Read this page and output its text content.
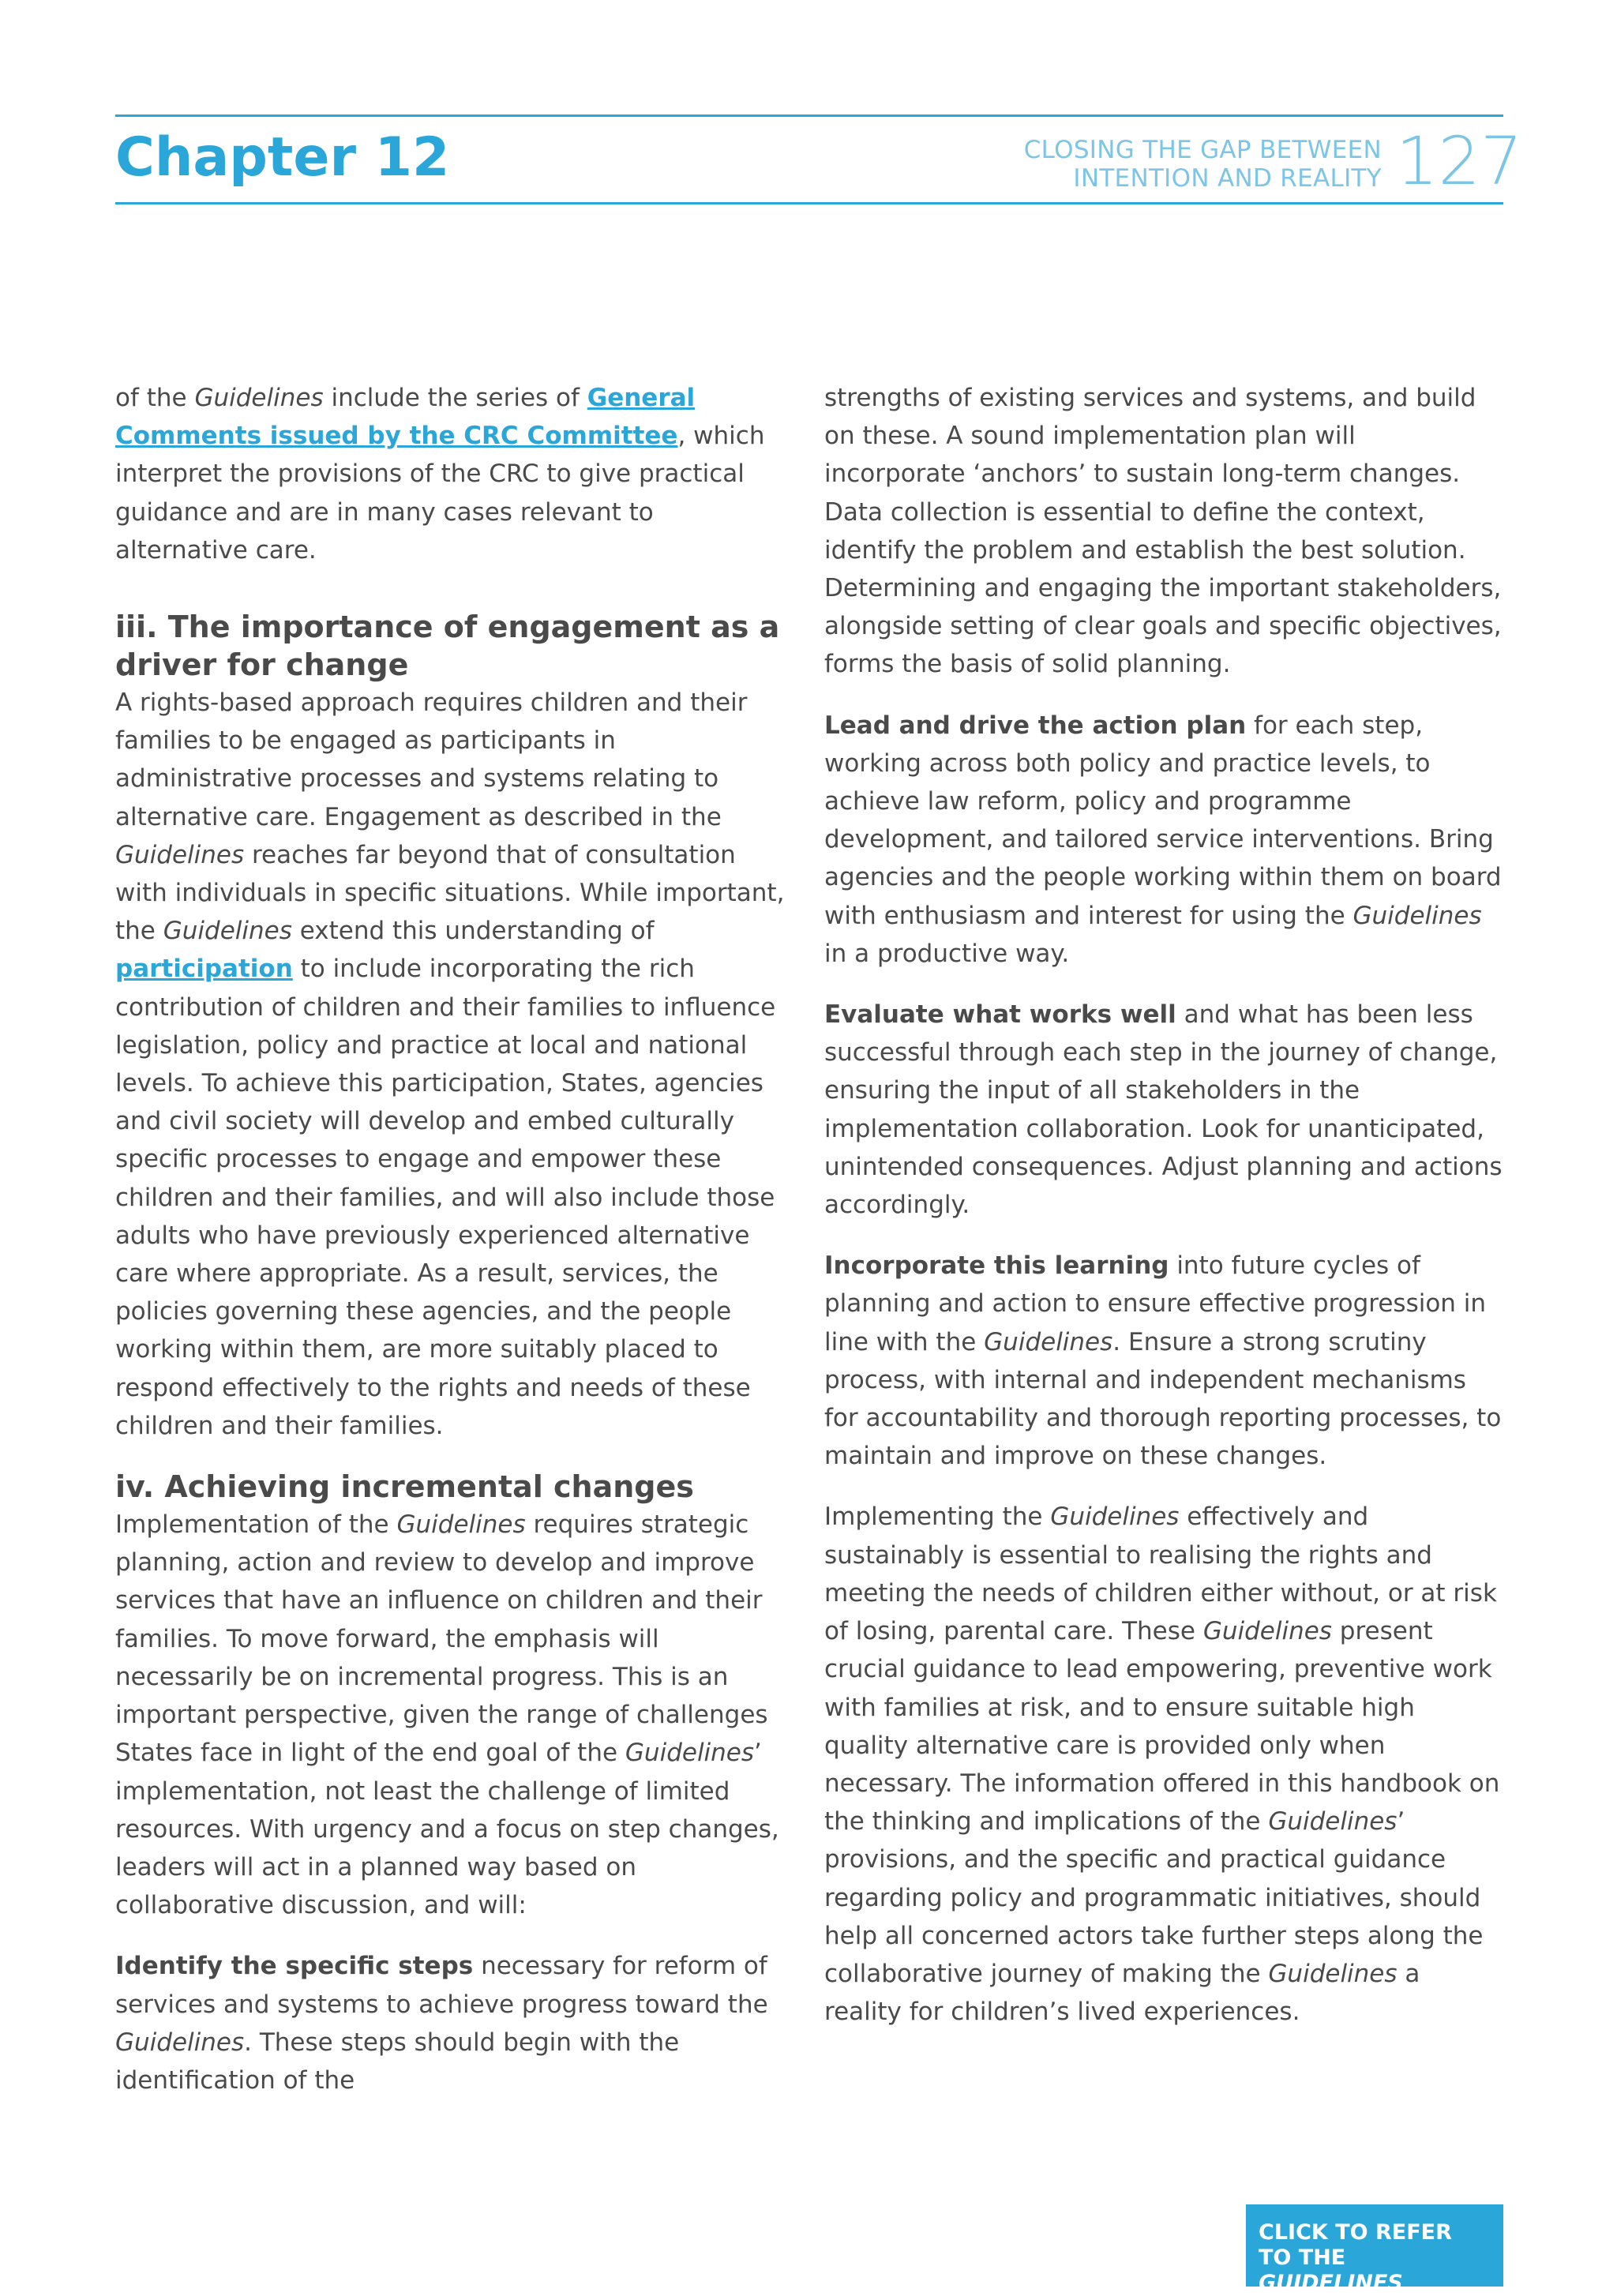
Chapter 12	CLOSING THE GAP BETWEEN
INTENTION AND REALITY 127

of the Guidelines include the series of General Comments issued by the CRC Committee, which interpret the provisions of the CRC to give practical guidance and are in many cases relevant to alternative care.

iii. The importance of engagement as a driver for change

A rights-based approach requires children and their families to be engaged as participants in administrative processes and systems relating to alternative care. Engagement as described in the Guidelines reaches far beyond that of consultation with individuals in specific situations. While important, the Guidelines extend this understanding of participation to include incorporating the rich contribution of children and their families to influence legislation, policy and practice at local and national levels. To achieve this participation, States, agencies and civil society will develop and embed culturally specific processes to engage and empower these children and their families, and will also include those adults who have previously experienced alternative care where appropriate. As a result, services, the policies governing these agencies, and the people working within them, are more suitably placed to respond effectively to the rights and needs of these children and their families.

iv. Achieving incremental changes

Implementation of the Guidelines requires strategic planning, action and review to develop and improve services that have an influence on children and their families. To move forward, the emphasis will necessarily be on incremental progress. This is an important perspective, given the range of challenges States face in light of the end goal of the Guidelines’ implementation, not least the challenge of limited resources. With urgency and a focus on step changes, leaders will act in a planned way based on collaborative discussion, and will:

Identify the specific steps necessary for reform of services and systems to achieve progress toward the Guidelines. These steps should begin with the identification of the

strengths of existing services and systems, and build on these. A sound implementation plan will incorporate ‘anchors’ to sustain long-term changes. Data collection is essential to define the context, identify the problem and establish the best solution. Determining and engaging the important stakeholders, alongside setting of clear goals and specific objectives, forms the basis of solid planning.

Lead and drive the action plan for each step, working across both policy and practice levels, to achieve law reform, policy and programme development, and tailored service interventions. Bring agencies and the people working within them on board with enthusiasm and interest for using the Guidelines in a productive way.

Evaluate what works well and what has been less successful through each step in the journey of change, ensuring the input of all stakeholders in the implementation collaboration. Look for unanticipated, unintended consequences. Adjust planning and actions accordingly.

Incorporate this learning into future cycles of planning and action to ensure effective progression in line with the Guidelines. Ensure a strong scrutiny process, with internal and independent mechanisms for accountability and thorough reporting processes, to maintain and improve on these changes.

Implementing the Guidelines effectively and sustainably is essential to realising the rights and meeting the needs of children either without, or at risk of losing, parental care. These Guidelines present crucial guidance to lead empowering, preventive work with families at risk, and to ensure suitable high quality alternative care is provided only when necessary. The information offered in this handbook on the thinking and implications of the Guidelines’ provisions, and the specific and practical guidance regarding policy and programmatic initiatives, should help all concerned actors take further steps along the collaborative journey of making the Guidelines a reality for children’s lived experiences.

CLICK TO REFER
TO THE
GUIDELINES
